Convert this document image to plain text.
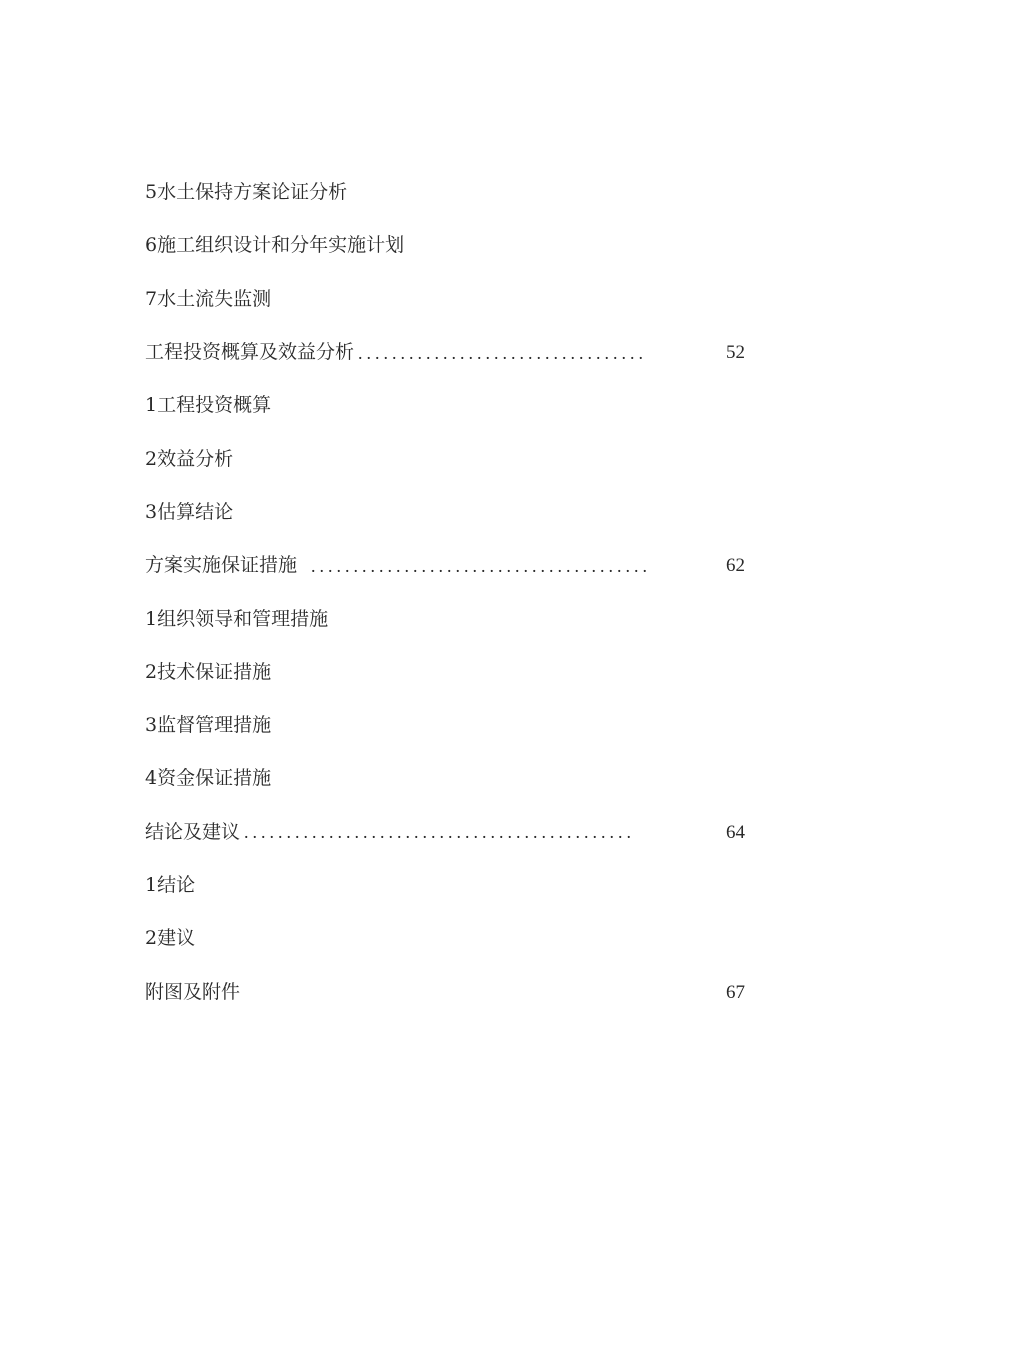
5水土保持方案论证分析
6施工组织设计和分年实施计划
7水土流失监测
工程投资概算及效益分析 ..................................	52
1工程投资概算
2效益分析
3估算结论
方案实施保证措施 ........................................	62
1组织领导和管理措施
2技术保证措施
3监督管理措施
4资金保证措施
结论及建议 ..............................................	64
1结论
2建议
附图及附件	67
